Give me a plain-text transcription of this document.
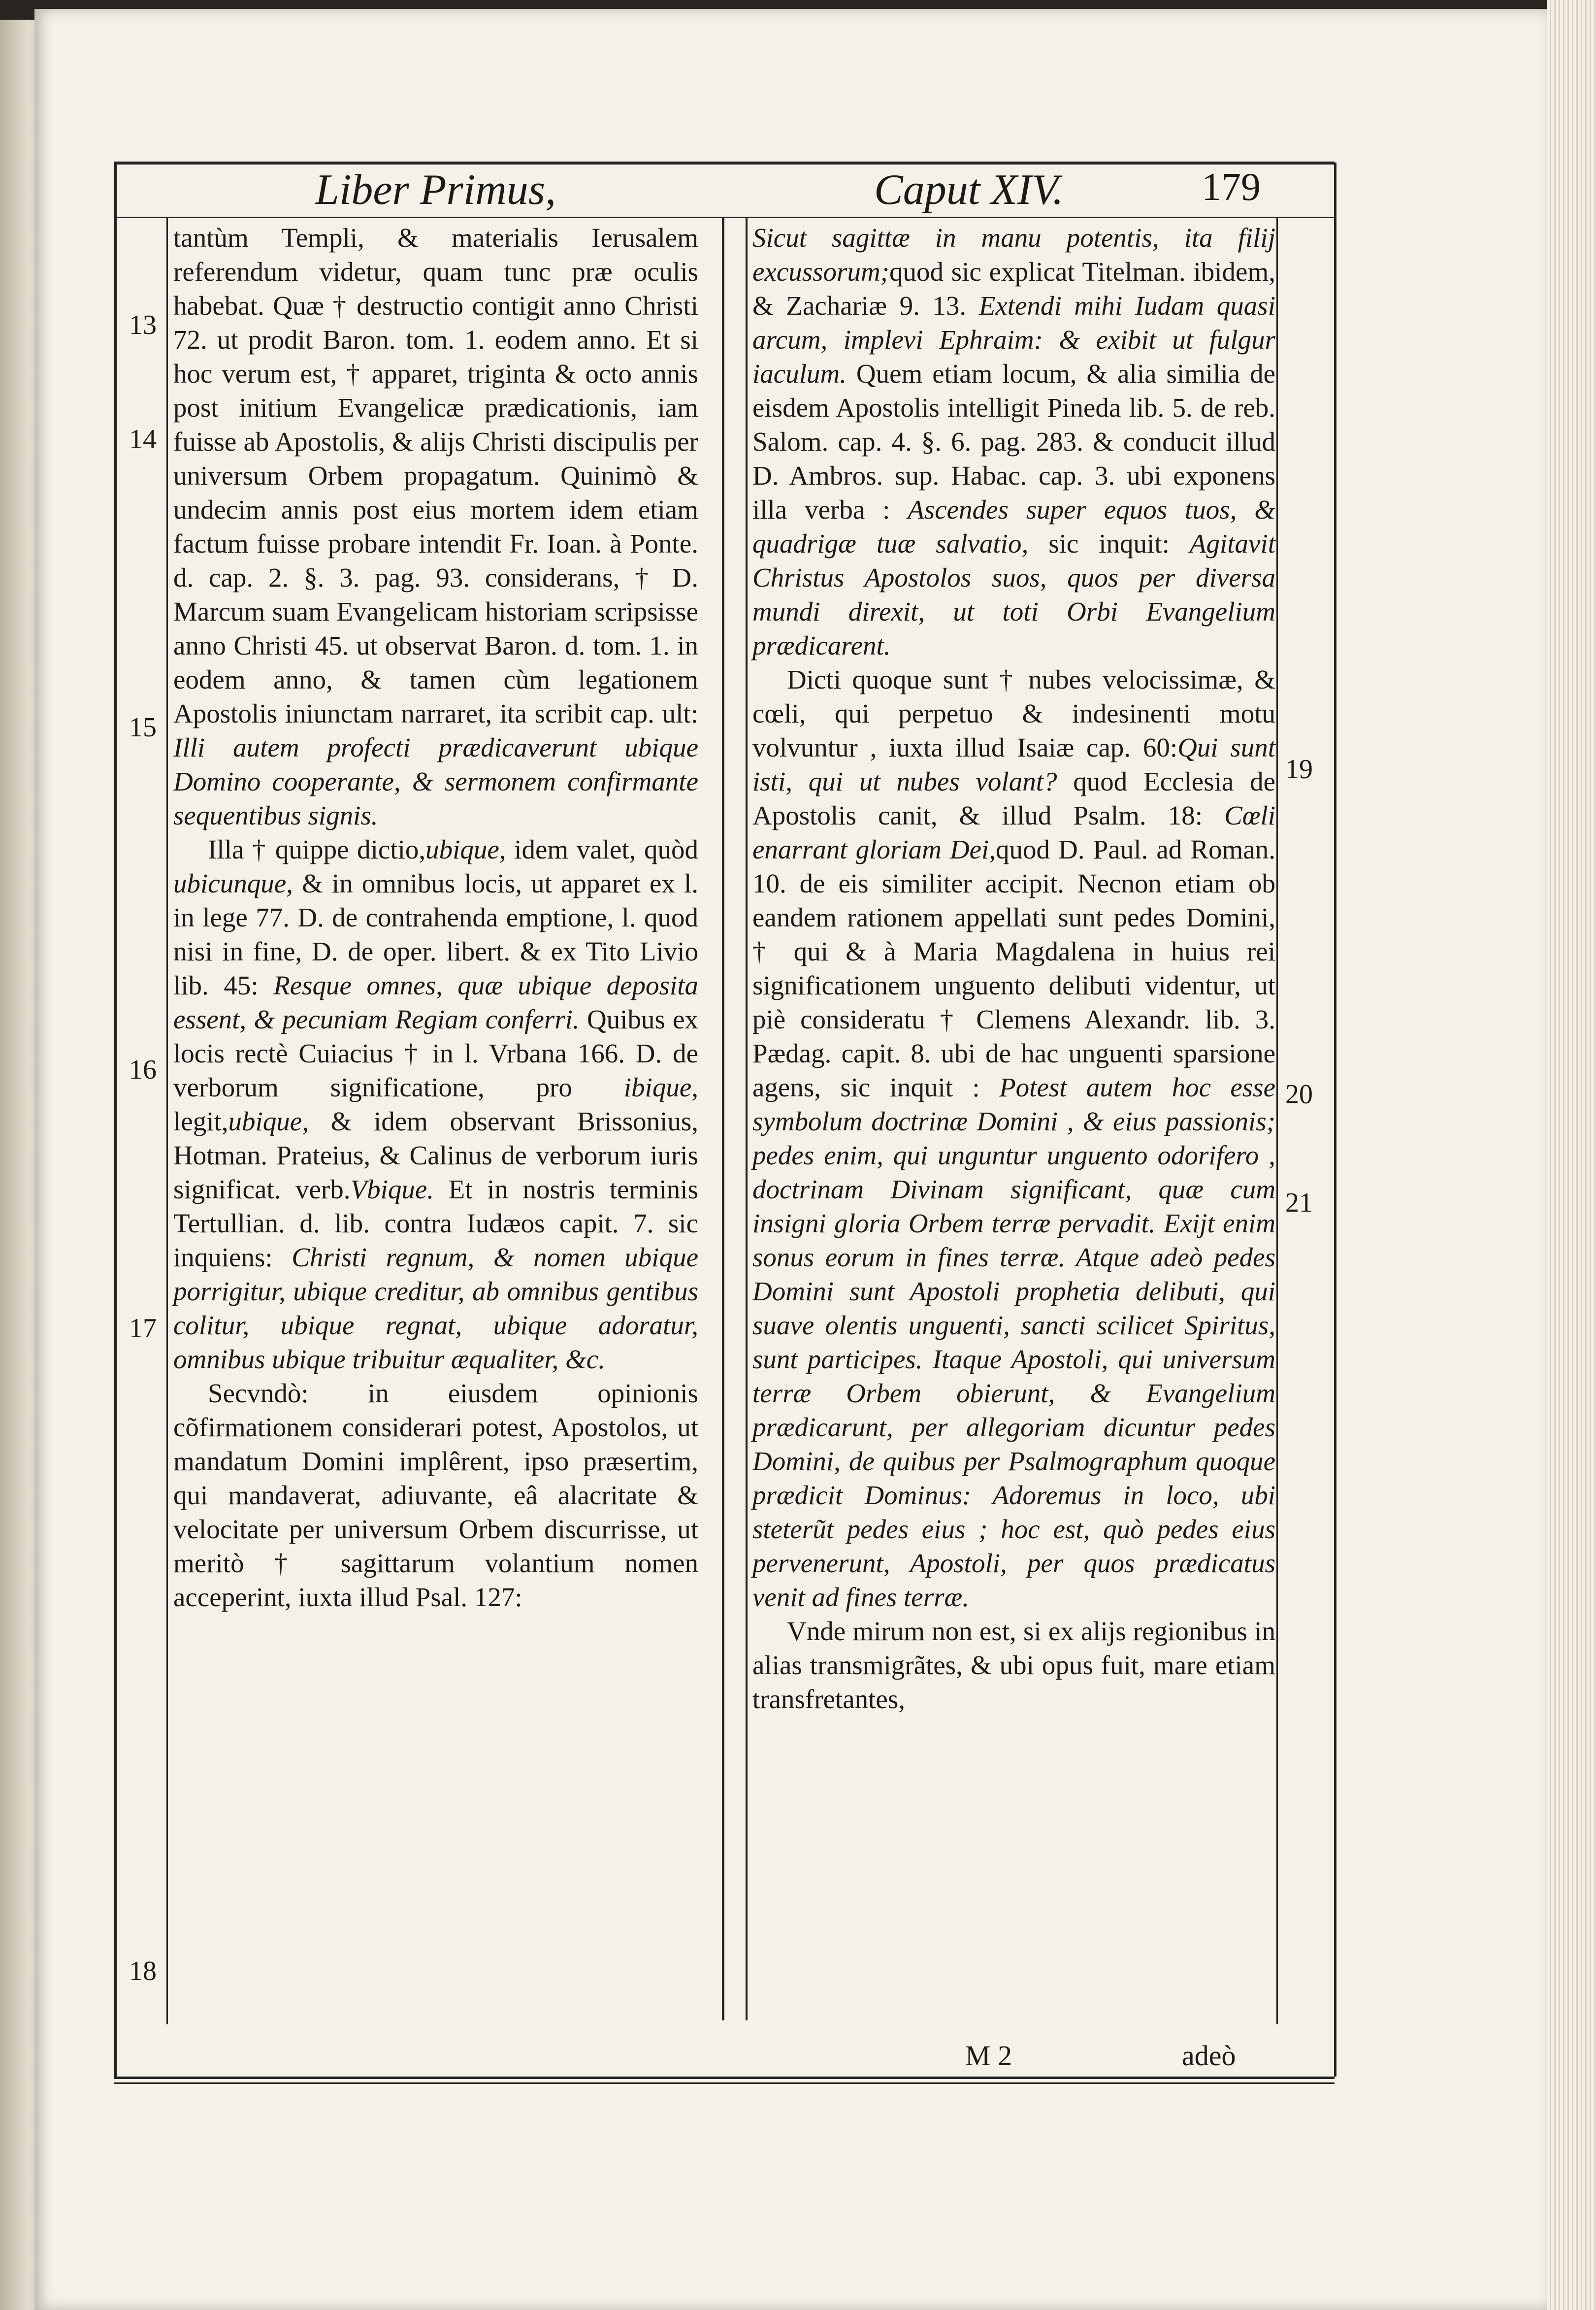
Liber Primus,	Caput XIV.	179
13
14
15
16
17
18
19
20
21

tantùm Templi, & materialis Ierusalem referendum videtur, quam tunc præ oculis habebat. Quæ † destructio contigit anno Christi 72. ut prodit Baron. tom. 1. eodem anno. Et si hoc verum est, † apparet, triginta & octo annis post initium Evangelicæ prædicationis, iam fuisse ab Apostolis, & alijs Christi discipulis per universum Orbem propagatum. Quinimò & undecim annis post eius mortem idem etiam factum fuisse probare intendit Fr. Ioan. à Ponte. d. cap. 2. §. 3. pag. 93. considerans, † D. Marcum suam Evangelicam historiam scripsisse anno Christi 45. ut observat Baron. d. tom. 1. in eodem anno, & tamen cùm legationem Apostolis iniunctam narraret, ita scribit cap. ult: Illi autem profecti prædicaverunt ubique Domino cooperante, & sermonem confirmante sequentibus signis.

Illa † quippe dictio,ubique, idem valet, quòd ubicunque, & in omnibus locis, ut apparet ex l. in lege 77. D. de contrahenda emptione, l. quod nisi in fine, D. de oper. libert. & ex Tito Livio lib. 45: Resque omnes, quæ ubique deposita essent, & pecuniam Regiam conferri. Quibus ex locis rectè Cuiacius † in l. Vrbana 166. D. de verborum significatione, pro ibique, legit,ubique, & idem observant Brissonius, Hotman. Prateius, & Calinus de verborum iuris significat. verb.Vbique. Et in nostris terminis Tertullian. d. lib. contra Iudæos capit. 7. sic inquiens: Christi regnum, & nomen ubique porrigitur, ubique creditur, ab omnibus gentibus colitur, ubique regnat, ubique adoratur, omnibus ubique tribuitur æqualiter, &c.

Secvndò: in eiusdem opinionis cõfirmationem considerari potest, Apostolos, ut mandatum Domini implêrent, ipso præsertim, qui mandaverat, adiuvante, eâ alacritate & velocitate per universum Orbem discurrisse, ut meritò † sagittarum volantium nomen acceperint, iuxta illud Psal. 127:

Sicut sagittæ in manu potentis, ita filij excussorum;quod sic explicat Titelman. ibidem, & Zachariæ 9. 13. Extendi mihi Iudam quasi arcum, implevi Ephraim: & exibit ut fulgur iaculum. Quem etiam locum, & alia similia de eisdem Apostolis intelligit Pineda lib. 5. de reb. Salom. cap. 4. §. 6. pag. 283. & conducit illud D. Ambros. sup. Habac. cap. 3. ubi exponens illa verba : Ascendes super equos tuos, & quadrigæ tuæ salvatio, sic inquit: Agitavit Christus Apostolos suos, quos per diversa mundi direxit, ut toti Orbi Evangelium prædicarent.

Dicti quoque sunt † nubes velocissimæ, & cœli, qui perpetuo & indesinenti motu volvuntur , iuxta illud Isaiæ cap. 60:Qui sunt isti, qui ut nubes volant? quod Ecclesia de Apostolis canit, & illud Psalm. 18: Cœli enarrant gloriam Dei,quod D. Paul. ad Roman. 10. de eis similiter accipit. Necnon etiam ob eandem rationem appellati sunt pedes Domini, † qui & à Maria Magdalena in huius rei significationem unguento delibuti videntur, ut piè consideratu † Clemens Alexandr. lib. 3. Pædag. capit. 8. ubi de hac unguenti sparsione agens, sic inquit : Potest autem hoc esse symbolum doctrinæ Domini , & eius passionis; pedes enim, qui unguntur unguento odorifero , doctrinam Divinam significant, quæ cum insigni gloria Orbem terræ pervadit. Exijt enim sonus eorum in fines terræ. Atque adeò pedes Domini sunt Apostoli prophetia delibuti, qui suave olentis unguenti, sancti scilicet Spiritus, sunt participes. Itaque Apostoli, qui universum terræ Orbem obierunt, & Evangelium prædicarunt, per allegoriam dicuntur pedes Domini, de quibus per Psalmographum quoque prædicit Dominus: Adoremus in loco, ubi steterũt pedes eius ; hoc est, quò pedes eius pervenerunt, Apostoli, per quos prædicatus venit ad fines terræ.

Vnde mirum non est, si ex alijs regionibus in alias transmigrãtes, & ubi opus fuit, mare etiam transfretantes,

M 2	adeò
